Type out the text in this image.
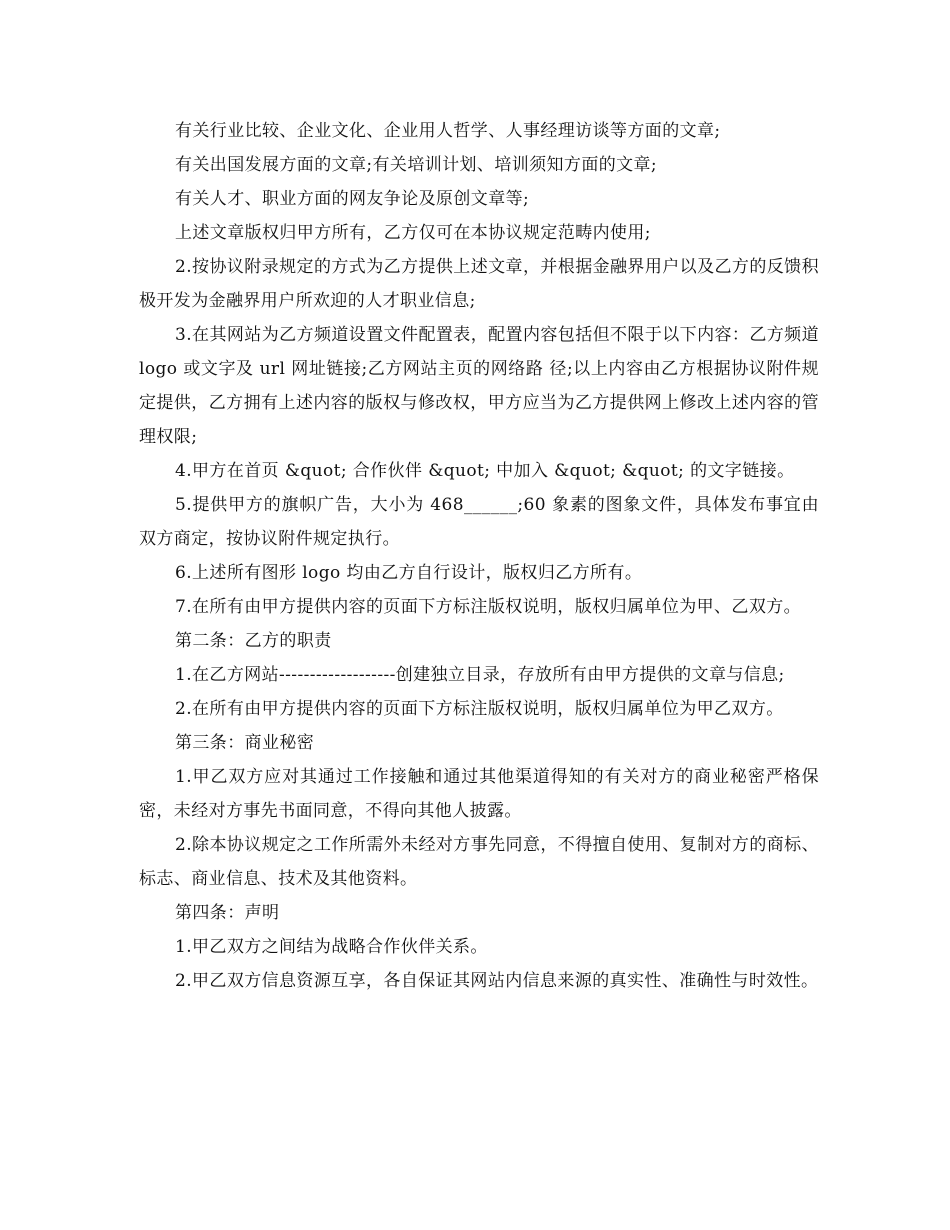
有关行业比较、企业文化、企业用人哲学、人事经理访谈等方面的文章;

有关出国发展方面的文章;有关培训计划、培训须知方面的文章;

有关人才、职业方面的网友争论及原创文章等;

上述文章版权归甲方所有，乙方仅可在本协议规定范畴内使用;

2.按协议附录规定的方式为乙方提供上述文章，并根据金融界用户以及乙方的反馈积极开发为金融界用户所欢迎的人才职业信息;

3.在其网站为乙方频道设置文件配置表，配置内容包括但不限于以下内容：乙方频道 logo 或文字及 url 网址链接;乙方网站主页的网络路 径;以上内容由乙方根据协议附件规定提供，乙方拥有上述内容的版权与修改权，甲方应当为乙方提供网上修改上述内容的管理权限;

4.甲方在首页 &quot; 合作伙伴 &quot; 中加入 &quot; &quot; 的文字链接。

5.提供甲方的旗帜广告，大小为 468______;60 象素的图象文件，具体发布事宜由双方商定，按协议附件规定执行。

6.上述所有图形 logo 均由乙方自行设计，版权归乙方所有。

7.在所有由甲方提供内容的页面下方标注版权说明，版权归属单位为甲、乙双方。

第二条：乙方的职责

1.在乙方网站-------------------创建独立目录，存放所有由甲方提供的文章与信息;

2.在所有由甲方提供内容的页面下方标注版权说明，版权归属单位为甲乙双方。

第三条：商业秘密

1.甲乙双方应对其通过工作接触和通过其他渠道得知的有关对方的商业秘密严格保密，未经对方事先书面同意，不得向其他人披露。

2.除本协议规定之工作所需外未经对方事先同意，不得擅自使用、复制对方的商标、标志、商业信息、技术及其他资料。

第四条：声明

1.甲乙双方之间结为战略合作伙伴关系。

2.甲乙双方信息资源互享，各自保证其网站内信息来源的真实性、准确性与时效性。
